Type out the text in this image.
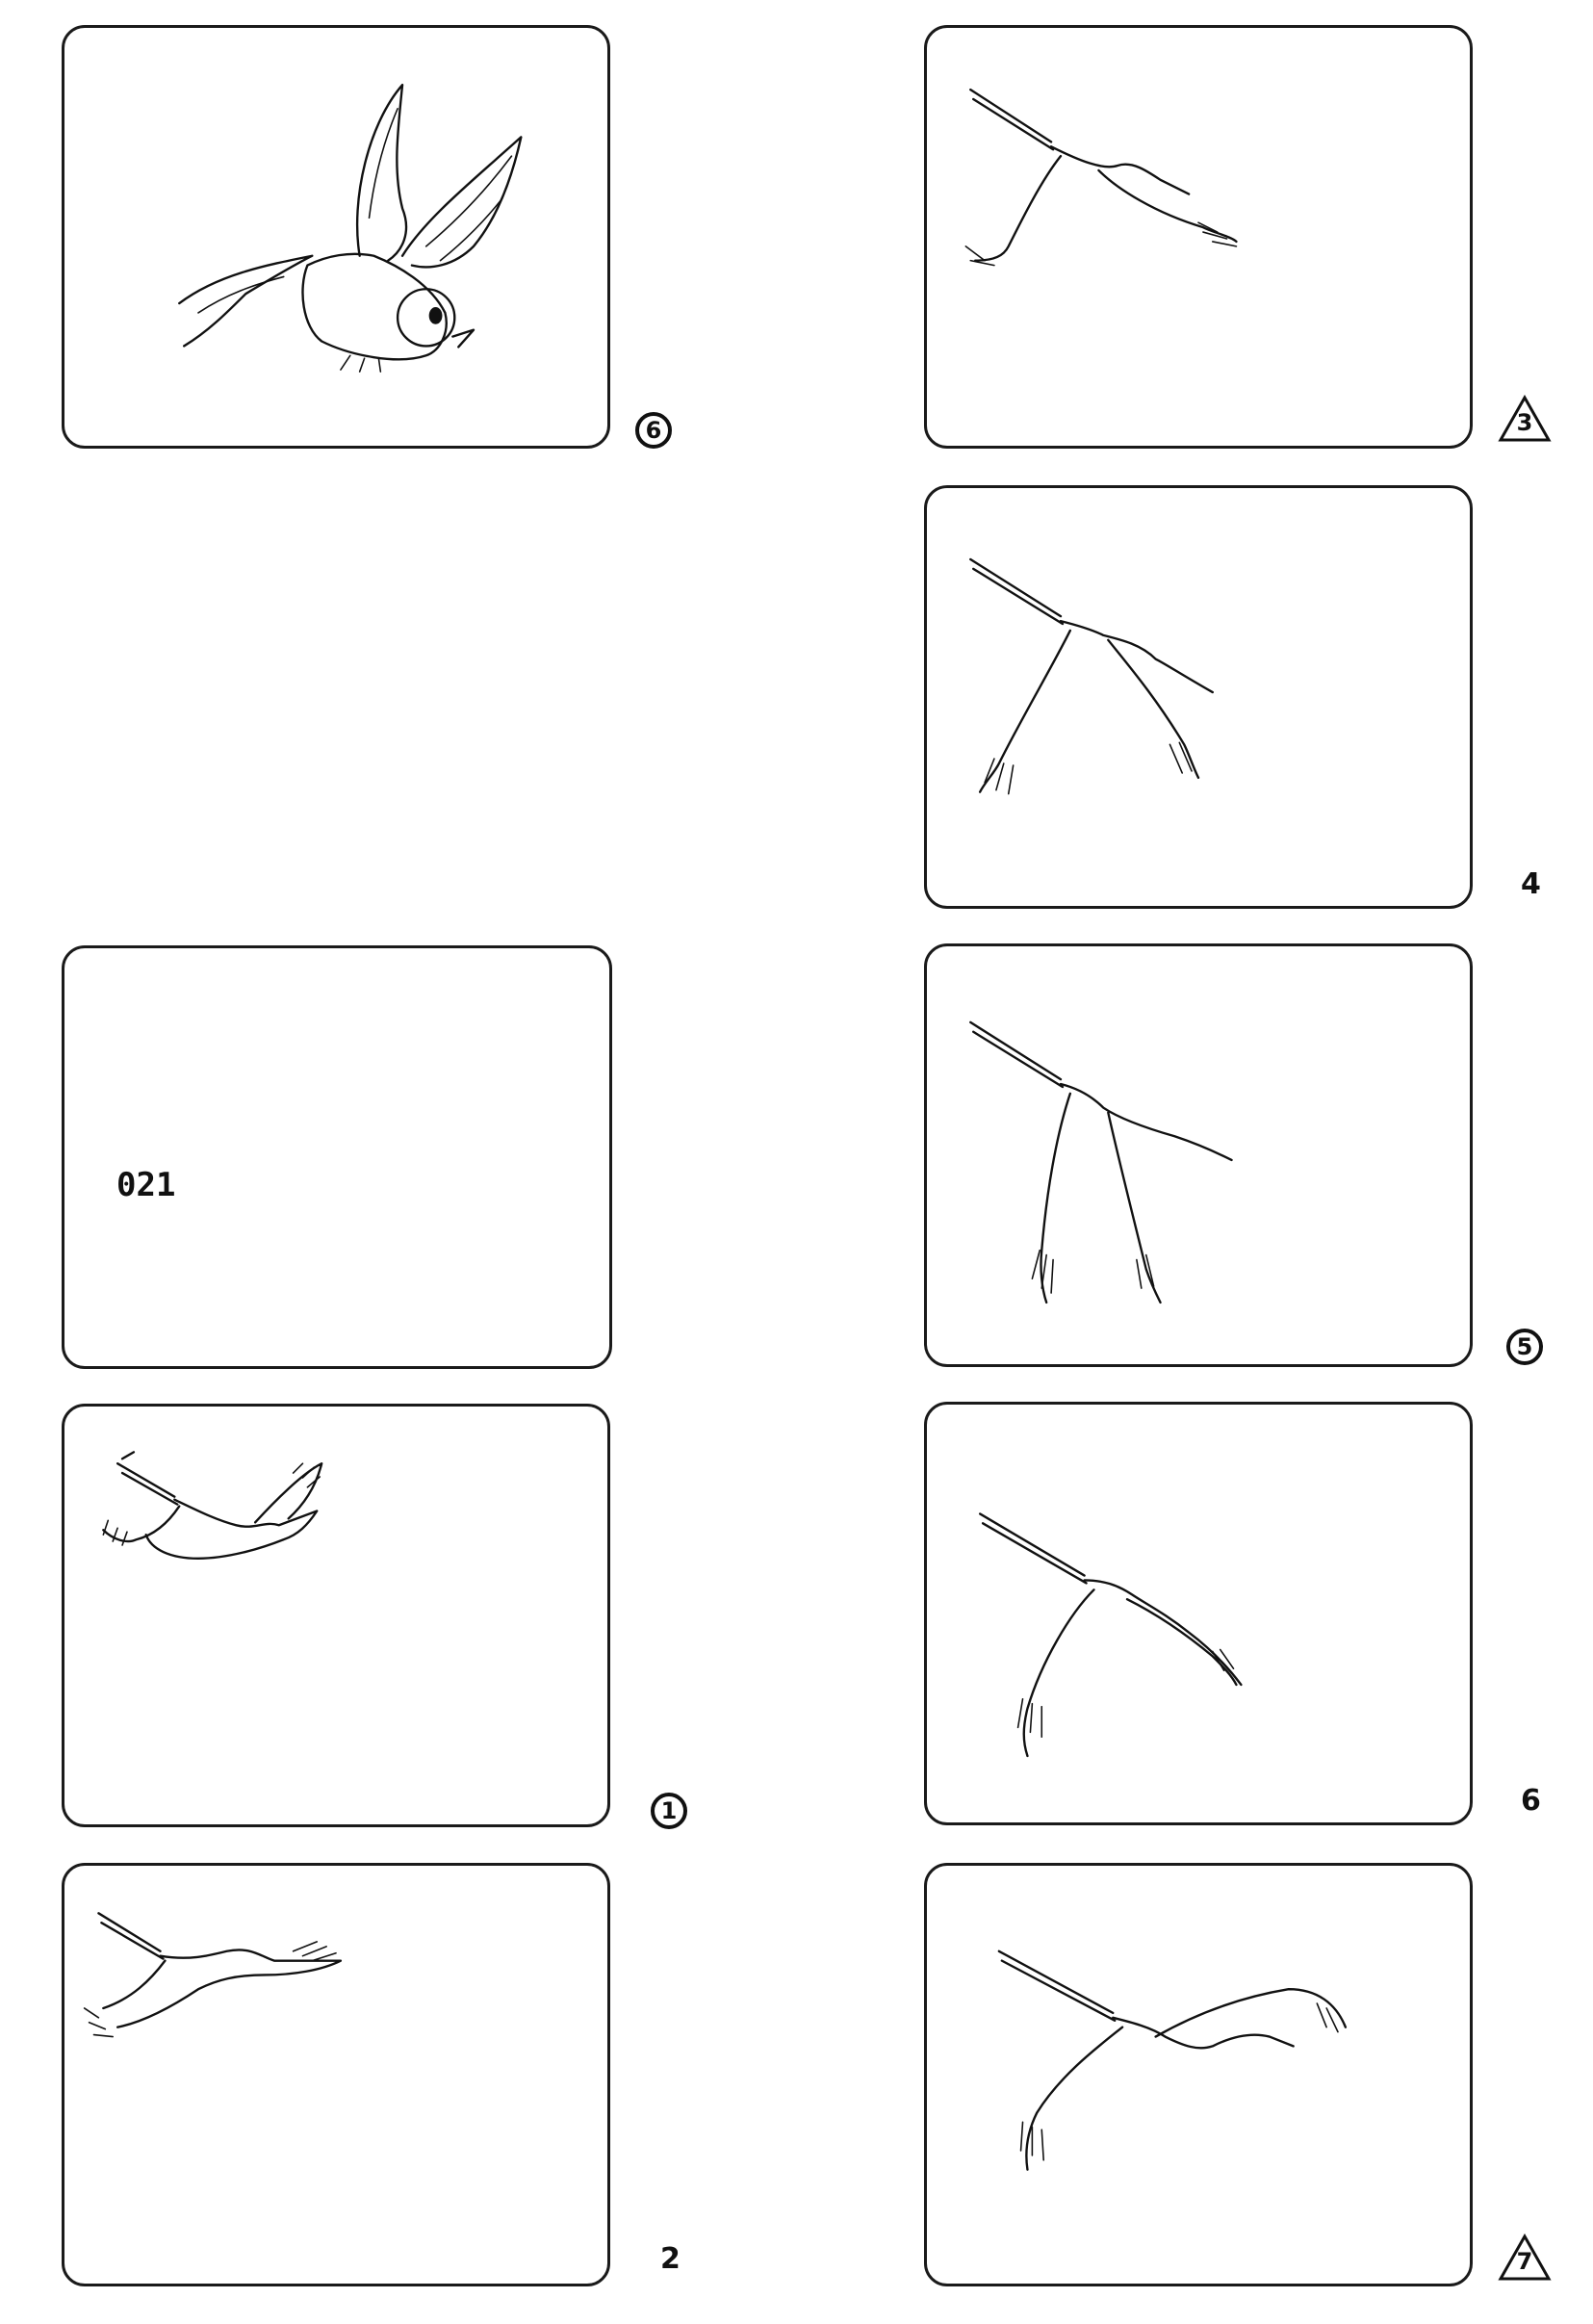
6
021
1
2
3
4
5
6
7
